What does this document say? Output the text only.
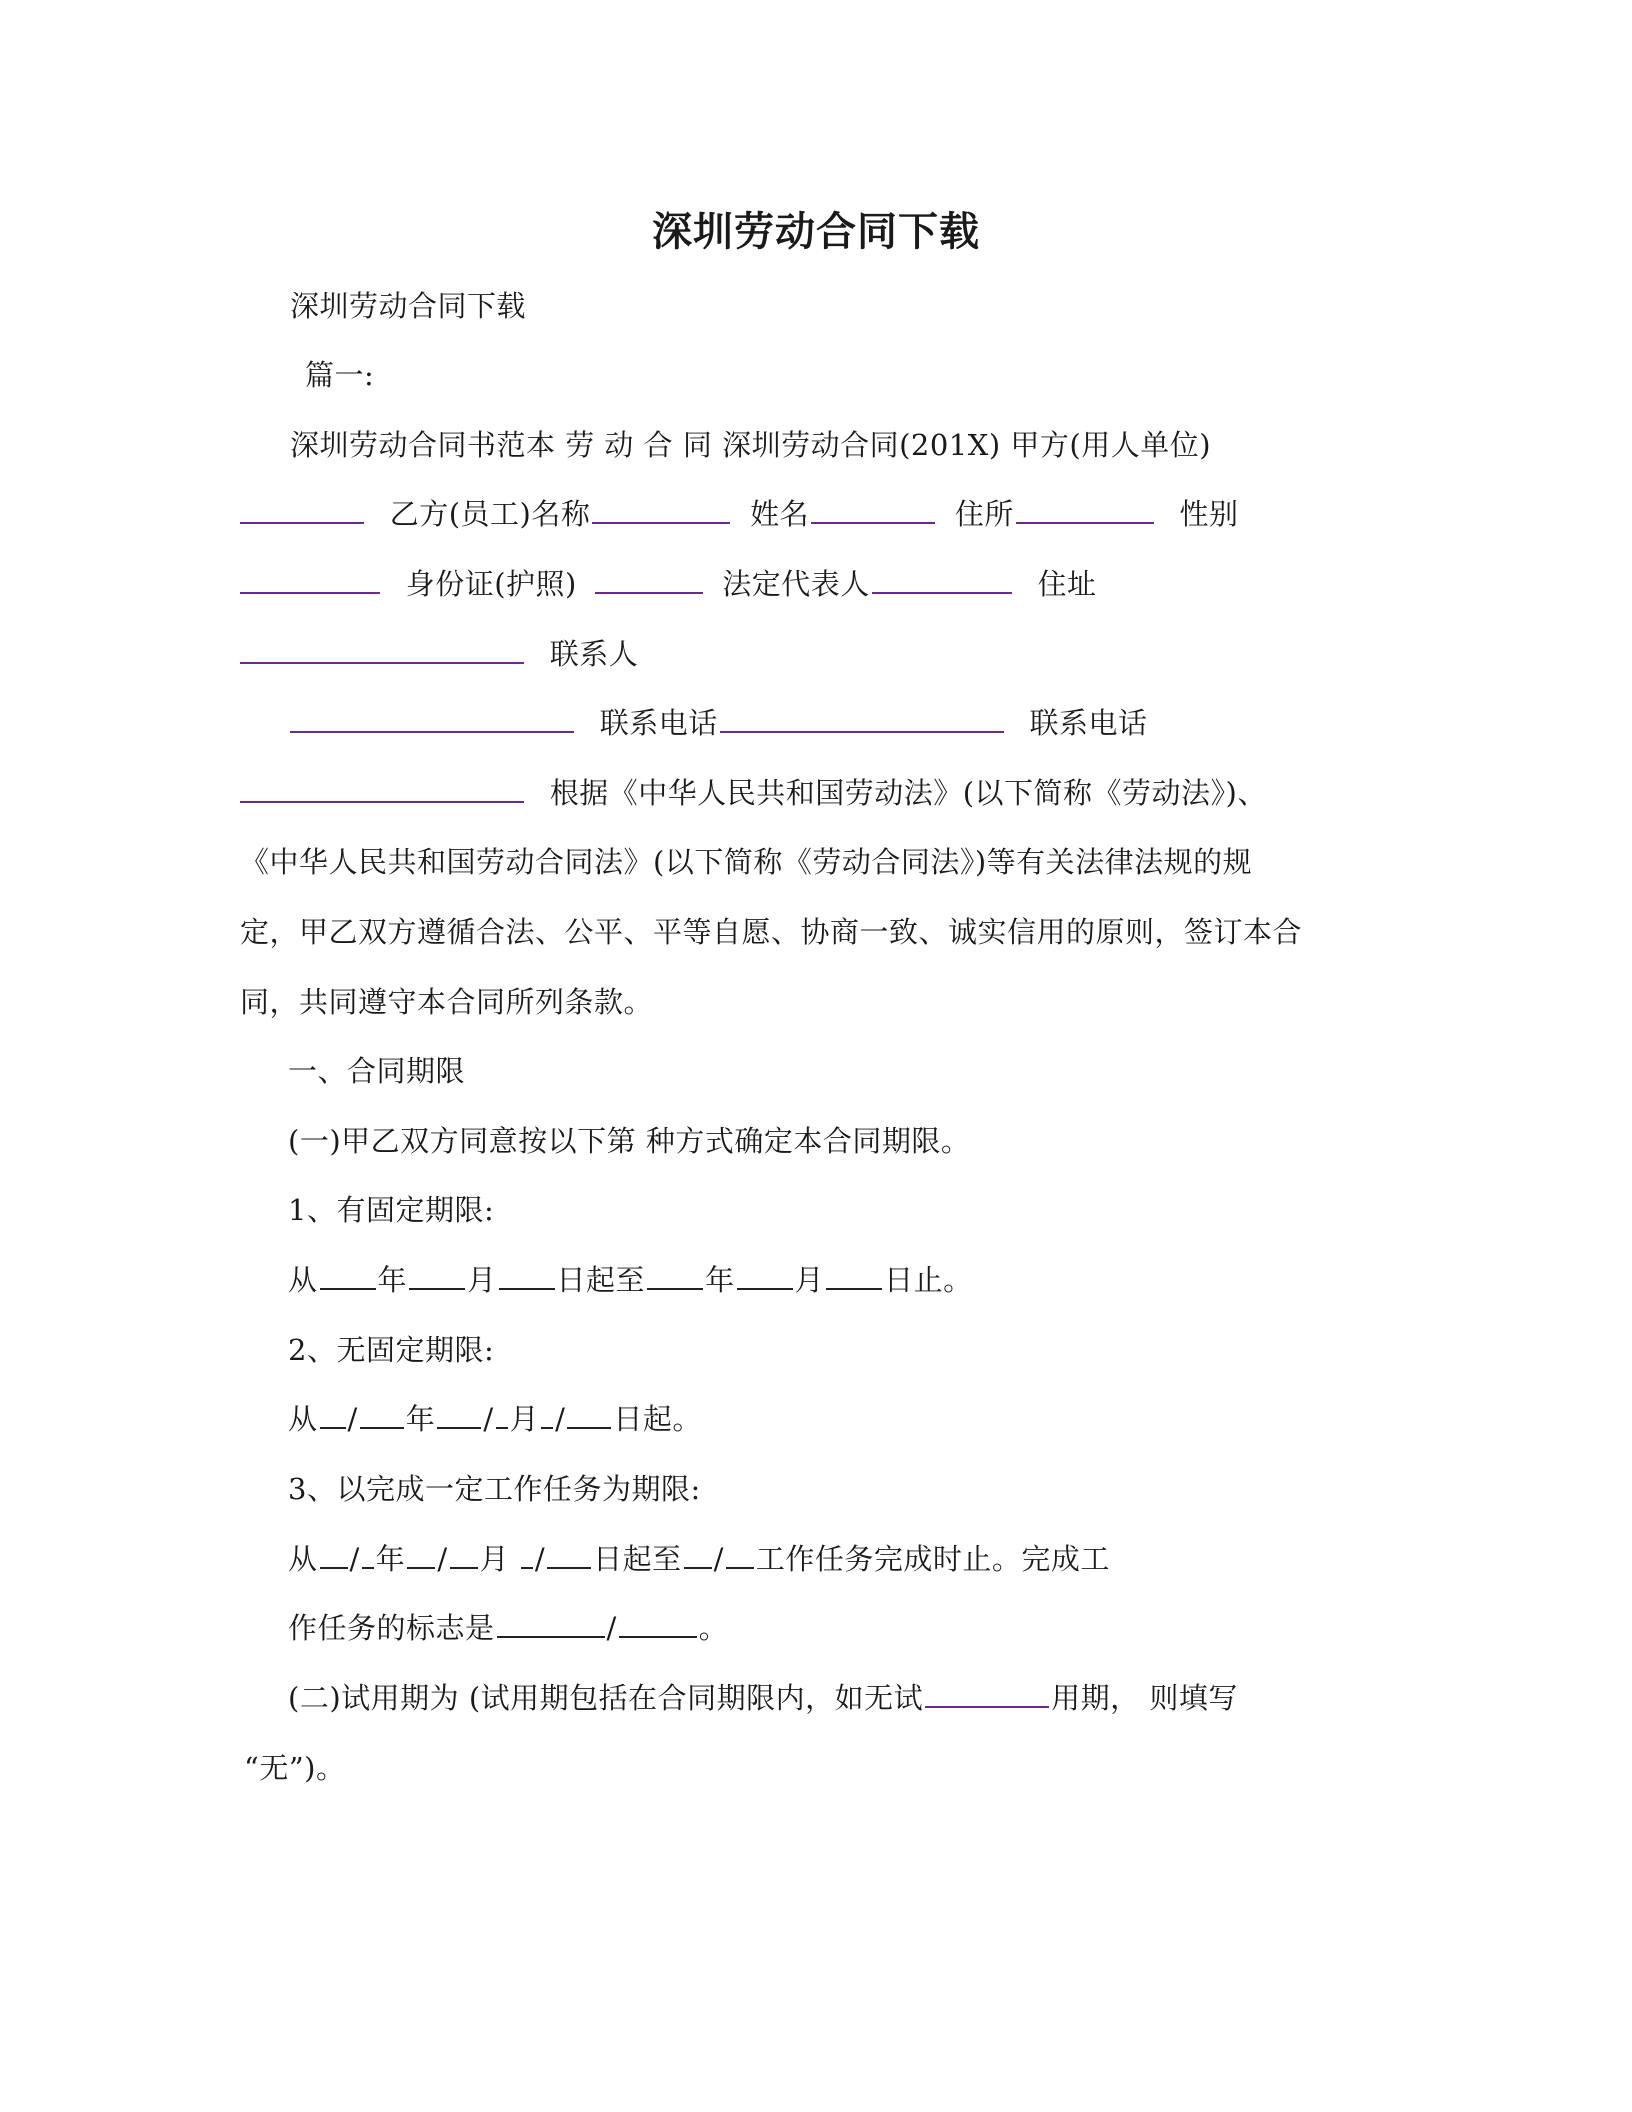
深圳劳动合同下载
深圳劳动合同下载
篇一:
深圳劳动合同书范本 劳 动 合 同 深圳劳动合同(201X) 甲方(用人单位)
乙方(员工)名称	姓名	住所	性别
身份证(护照)	法定代表人	住址
联系人
联系电话	联系电话
根据《中华人民共和国劳动法》(以下简称《劳动法》)、
《中华人民共和国劳动合同法》(以下简称《劳动合同法》)等有关法律法规的规
定，甲乙双方遵循合法、公平、平等自愿、协商一致、诚实信用的原则，签订本合
同，共同遵守本合同所列条款。
一、合同期限
(一)甲乙双方同意按以下第 种方式确定本合同期限。
1、有固定期限:
从 年 月 日起至 年 月 日止。
2、无固定期限:
从 / 年 / 月 / 日起。
3、以完成一定工作任务为期限:
从 / 年 / 月 / 日起至 / 工作任务完成时止。完成工
作任务的标志是	/	。
(二)试用期为 (试用期包括在合同期限内，如无试	用期， 则填写
“无”)。
